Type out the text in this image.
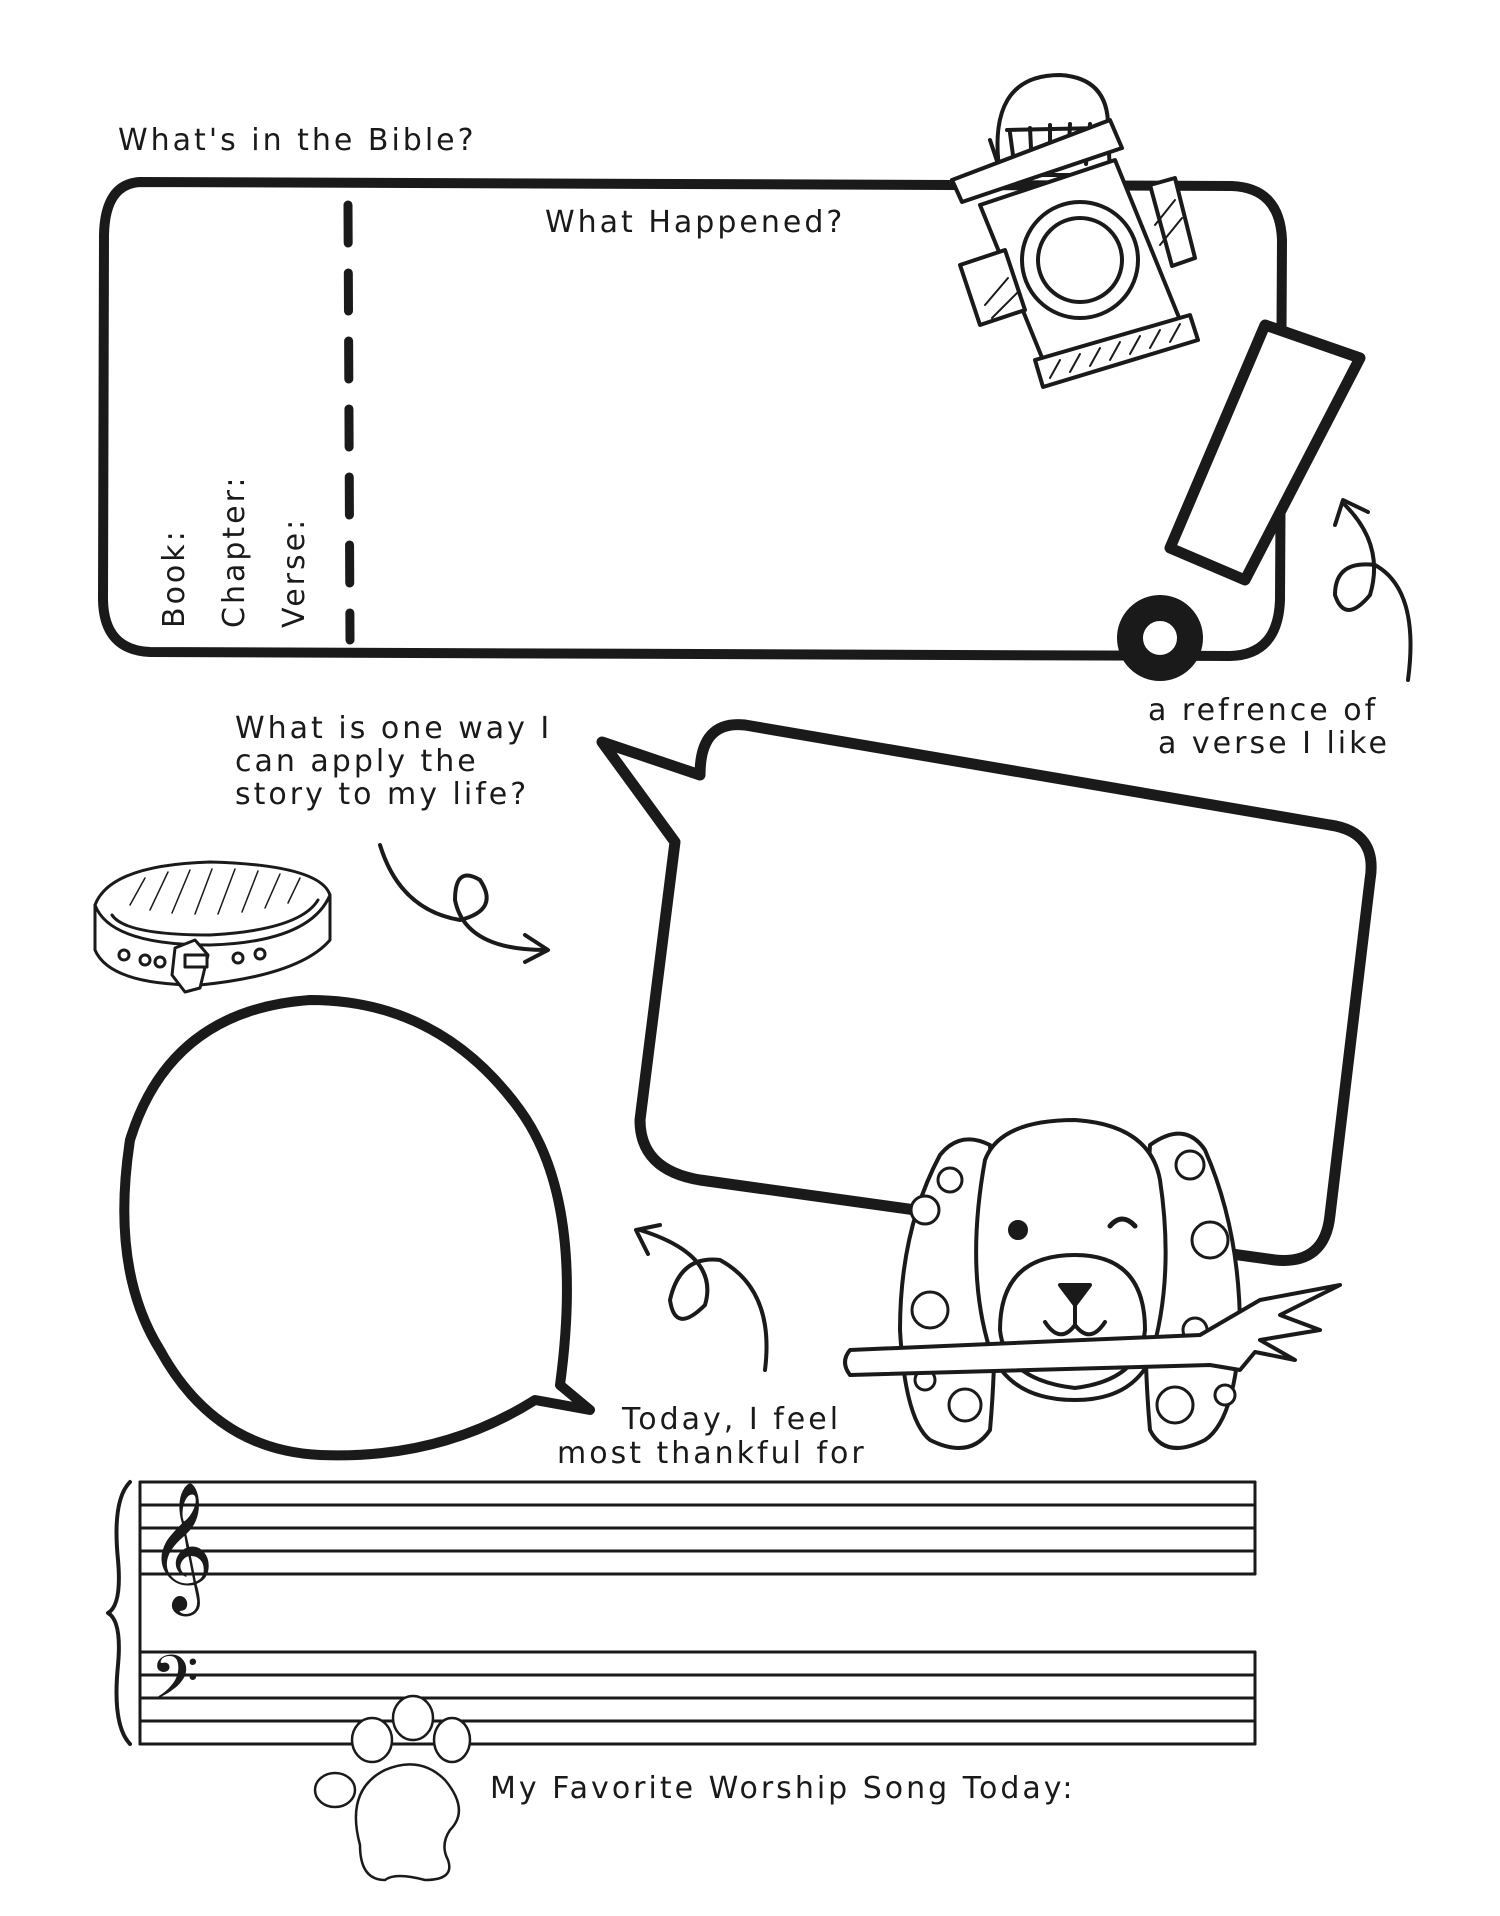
𝄞
𝄢
What's in the Bible?
What Happened?
Book: Chapter: Verse:
a refrence of
a verse I like
What is one way I
can apply the
story to my life?
Today, I feel
most thankful for
My Favorite Worship Song Today:
